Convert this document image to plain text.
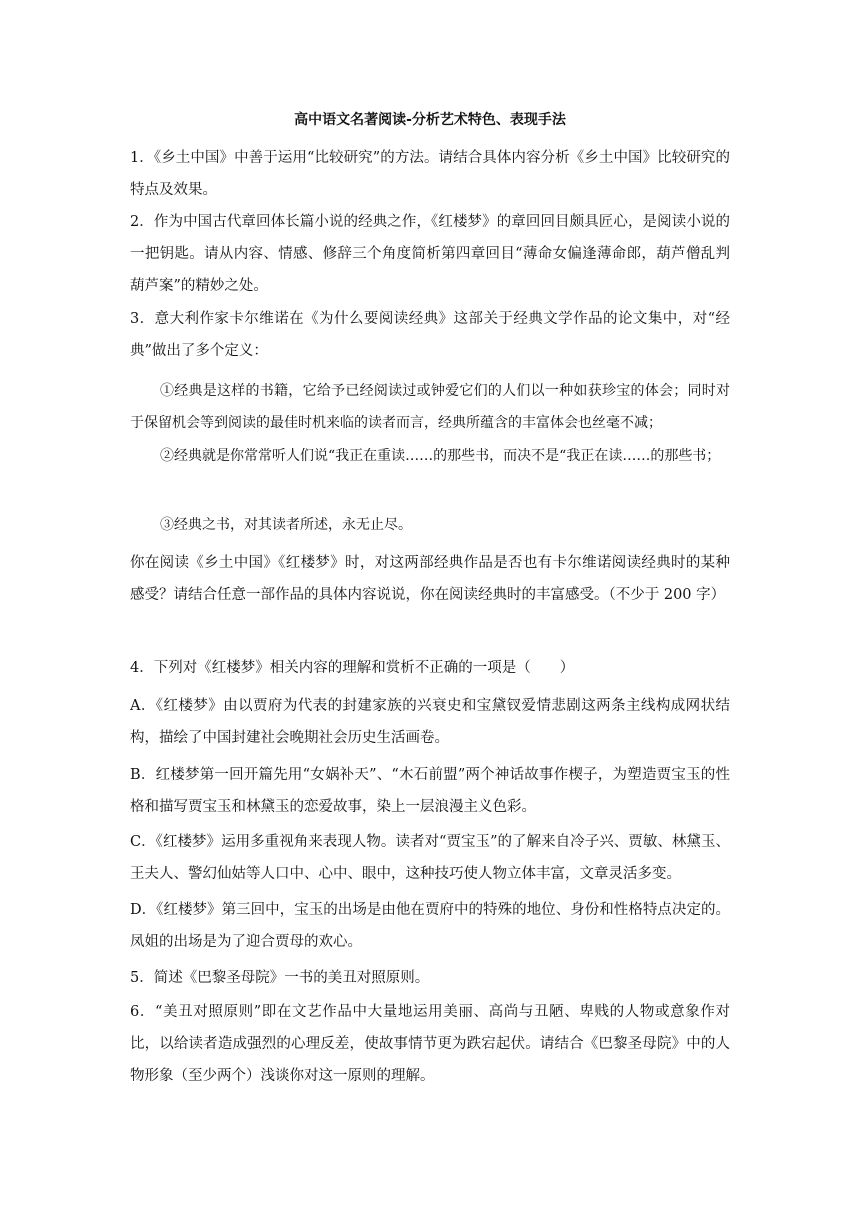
高中语文名著阅读-分析艺术特色、表现手法

1．《乡土中国》中善于运用“比较研究”的方法。请结合具体内容分析《乡土中国》比较研究的特点及效果。

2．作为中国古代章回体长篇小说的经典之作，《红楼梦》的章回回目颇具匠心，是阅读小说的一把钥匙。请从内容、情感、修辞三个角度简析第四章回目“薄命女偏逢薄命郎，葫芦僧乱判葫芦案”的精妙之处。

3．意大利作家卡尔维诺在《为什么要阅读经典》这部关于经典文学作品的论文集中，对“经典”做出了多个定义：

①经典是这样的书籍，它给予已经阅读过或钟爱它们的人们以一种如获珍宝的体会；同时对于保留机会等到阅读的最佳时机来临的读者而言，经典所蕴含的丰富体会也丝毫不减；

②经典就是你常常听人们说“我正在重读……的那些书，而决不是“我正在读……的那些书；

③经典之书，对其读者所述，永无止尽。

你在阅读《乡土中国》《红楼梦》时，对这两部经典作品是否也有卡尔维诺阅读经典时的某种感受？请结合任意一部作品的具体内容说说，你在阅读经典时的丰富感受。（不少于 200 字）

4．下列对《红楼梦》相关内容的理解和赏析不正确的一项是（　　）

A．《红楼梦》由以贾府为代表的封建家族的兴衰史和宝黛钗爱情悲剧这两条主线构成网状结构，描绘了中国封建社会晚期社会历史生活画卷。

B．红楼梦第一回开篇先用“女娲补天”、“木石前盟”两个神话故事作楔子，为塑造贾宝玉的性格和描写贾宝玉和林黛玉的恋爱故事，染上一层浪漫主义色彩。

C．《红楼梦》运用多重视角来表现人物。读者对“贾宝玉”的了解来自冷子兴、贾敏、林黛玉、王夫人、警幻仙姑等人口中、心中、眼中，这种技巧使人物立体丰富，文章灵活多变。

D．《红楼梦》第三回中，宝玉的出场是由他在贾府中的特殊的地位、身份和性格特点决定的。凤姐的出场是为了迎合贾母的欢心。

5．简述《巴黎圣母院》一书的美丑对照原则。

6．“美丑对照原则”即在文艺作品中大量地运用美丽、高尚与丑陋、卑贱的人物或意象作对比，以给读者造成强烈的心理反差，使故事情节更为跌宕起伏。请结合《巴黎圣母院》中的人物形象（至少两个）浅谈你对这一原则的理解。
